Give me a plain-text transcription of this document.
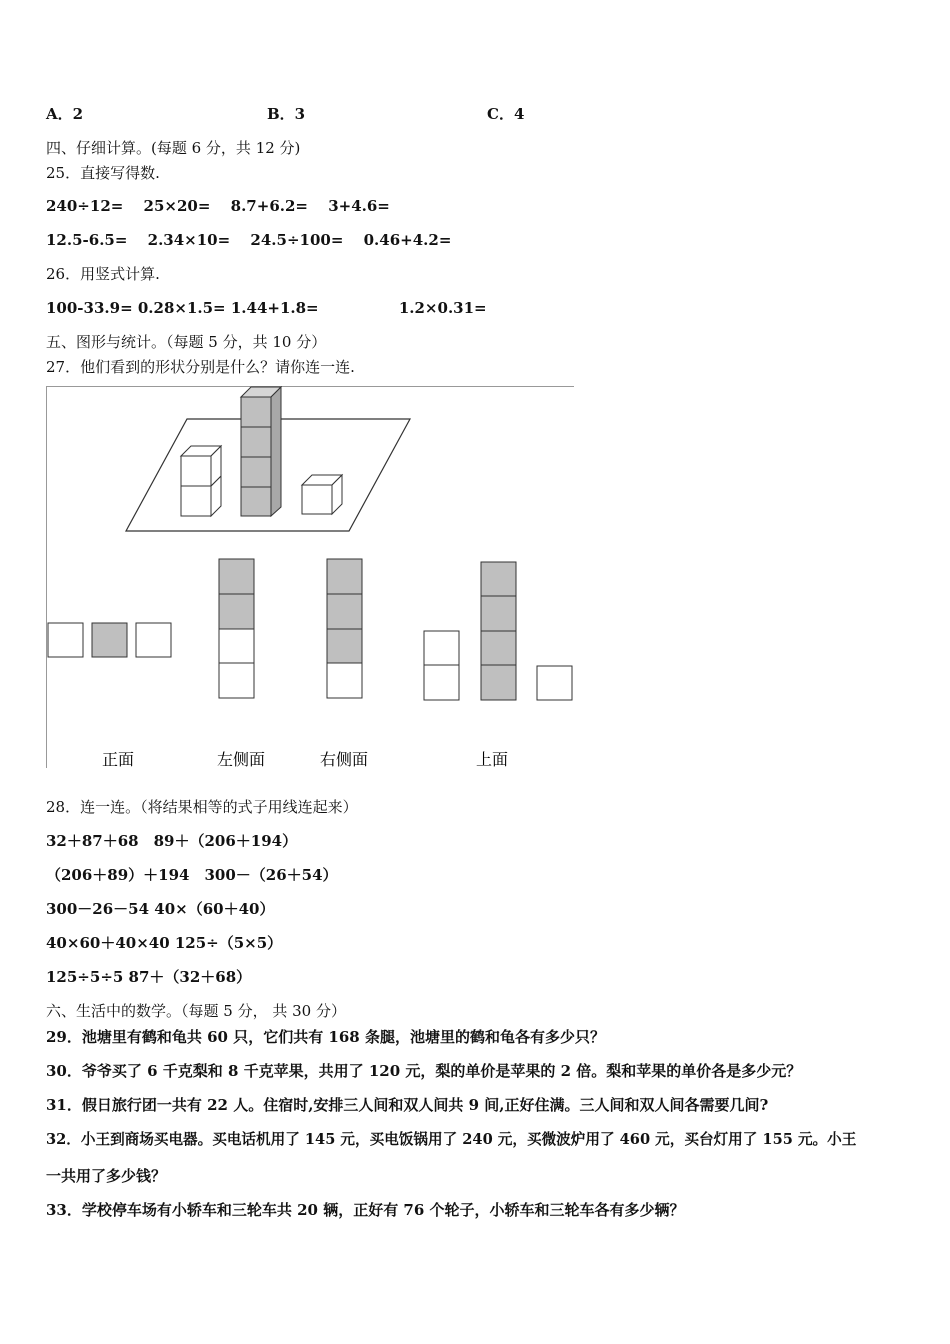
A．2	B．3	C．4
四、仔细计算。(每题 6 分，共 12 分)
25．直接写得数.
240÷12=　 25×20=　 8.7+6.2=　 3+4.6=
12.5-6.5=　 2.34×10=　 24.5÷100=　 0.46+4.2=
26．用竖式计算.
100-33.9= 0.28×1.5= 1.44+1.8=　　　　　 1.2×0.31=
五、图形与统计。（每题 5 分，共 10 分）
27．他们看到的形状分别是什么？请你连一连.
正面	左侧面	右侧面	上面
28．连一连。（将结果相等的式子用线连起来）
32＋87＋68　89＋（206＋194）
（206＋89）＋194　300－（26＋54）
300－26－54 40×（60＋40）
40×60＋40×40 125÷（5×5）
125÷5÷5 87＋（32＋68）
六、生活中的数学。（每题 5 分， 共 30 分）
29．池塘里有鹤和龟共 60 只，它们共有 168 条腿，池塘里的鹤和龟各有多少只？
30．爷爷买了 6 千克梨和 8 千克苹果，共用了 120 元，梨的单价是苹果的 2 倍。梨和苹果的单价各是多少元？
31．假日旅行团一共有 22 人。住宿时,安排三人间和双人间共 9 间,正好住满。三人间和双人间各需要几间?
32．小王到商场买电器。买电话机用了 145 元，买电饭锅用了 240 元，买微波炉用了 460 元，买台灯用了 155 元。小王
一共用了多少钱？
33．学校停车场有小轿车和三轮车共 20 辆，正好有 76 个轮子，小轿车和三轮车各有多少辆？
